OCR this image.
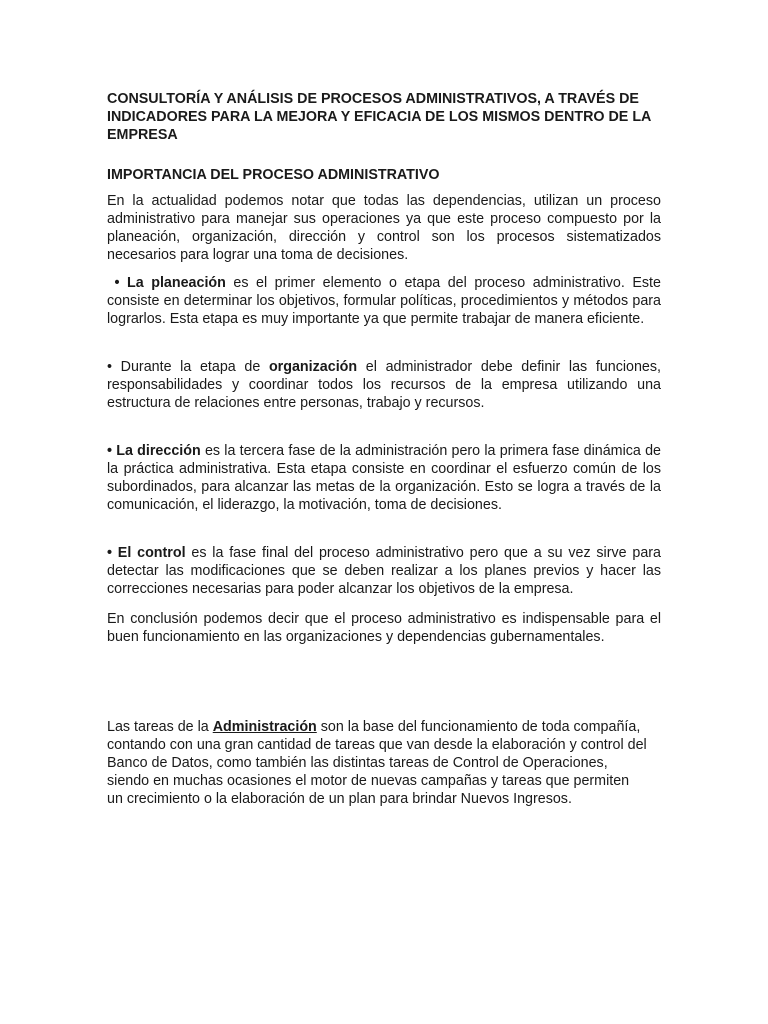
CONSULTORÍA Y ANÁLISIS DE PROCESOS ADMINISTRATIVOS, A TRAVÉS DE INDICADORES PARA LA MEJORA Y EFICACIA DE LOS MISMOS DENTRO DE LA EMPRESA
IMPORTANCIA DEL PROCESO ADMINISTRATIVO

En la actualidad podemos notar que todas las dependencias, utilizan un proceso administrativo para manejar sus operaciones ya que este proceso compuesto por la planeación, organización, dirección y control son los procesos sistematizados necesarios para lograr una toma de decisiones.

• La planeación es el primer elemento o etapa del proceso administrativo. Este consiste en determinar los objetivos, formular políticas, procedimientos y métodos para lograrlos. Esta etapa es muy importante ya que permite trabajar de manera eficiente.

• Durante la etapa de organización el administrador debe definir las funciones, responsabilidades y coordinar todos los recursos de la empresa utilizando una estructura de relaciones entre personas, trabajo y recursos.

• La dirección es la tercera fase de la administración pero la primera fase dinámica de la práctica administrativa. Esta etapa consiste en coordinar el esfuerzo común de los subordinados, para alcanzar las metas de la organización. Esto se logra a través de la comunicación, el liderazgo, la motivación, toma de decisiones.

• El control es la fase final del proceso administrativo pero que a su vez sirve para detectar las modificaciones que se deben realizar a los planes previos y hacer las correcciones necesarias para poder alcanzar los objetivos de la empresa.

En conclusión podemos decir que el proceso administrativo es indispensable para el buen funcionamiento en las organizaciones y dependencias gubernamentales.

Las tareas de la Administración son la base del funcionamiento de toda compañía, contando con una gran cantidad de tareas que van desde la elaboración y control del Banco de Datos, como también las distintas tareas de Control de Operaciones, siendo en muchas ocasiones el motor de nuevas campañas y tareas que permiten un crecimiento o la elaboración de un plan para brindar Nuevos Ingresos.
